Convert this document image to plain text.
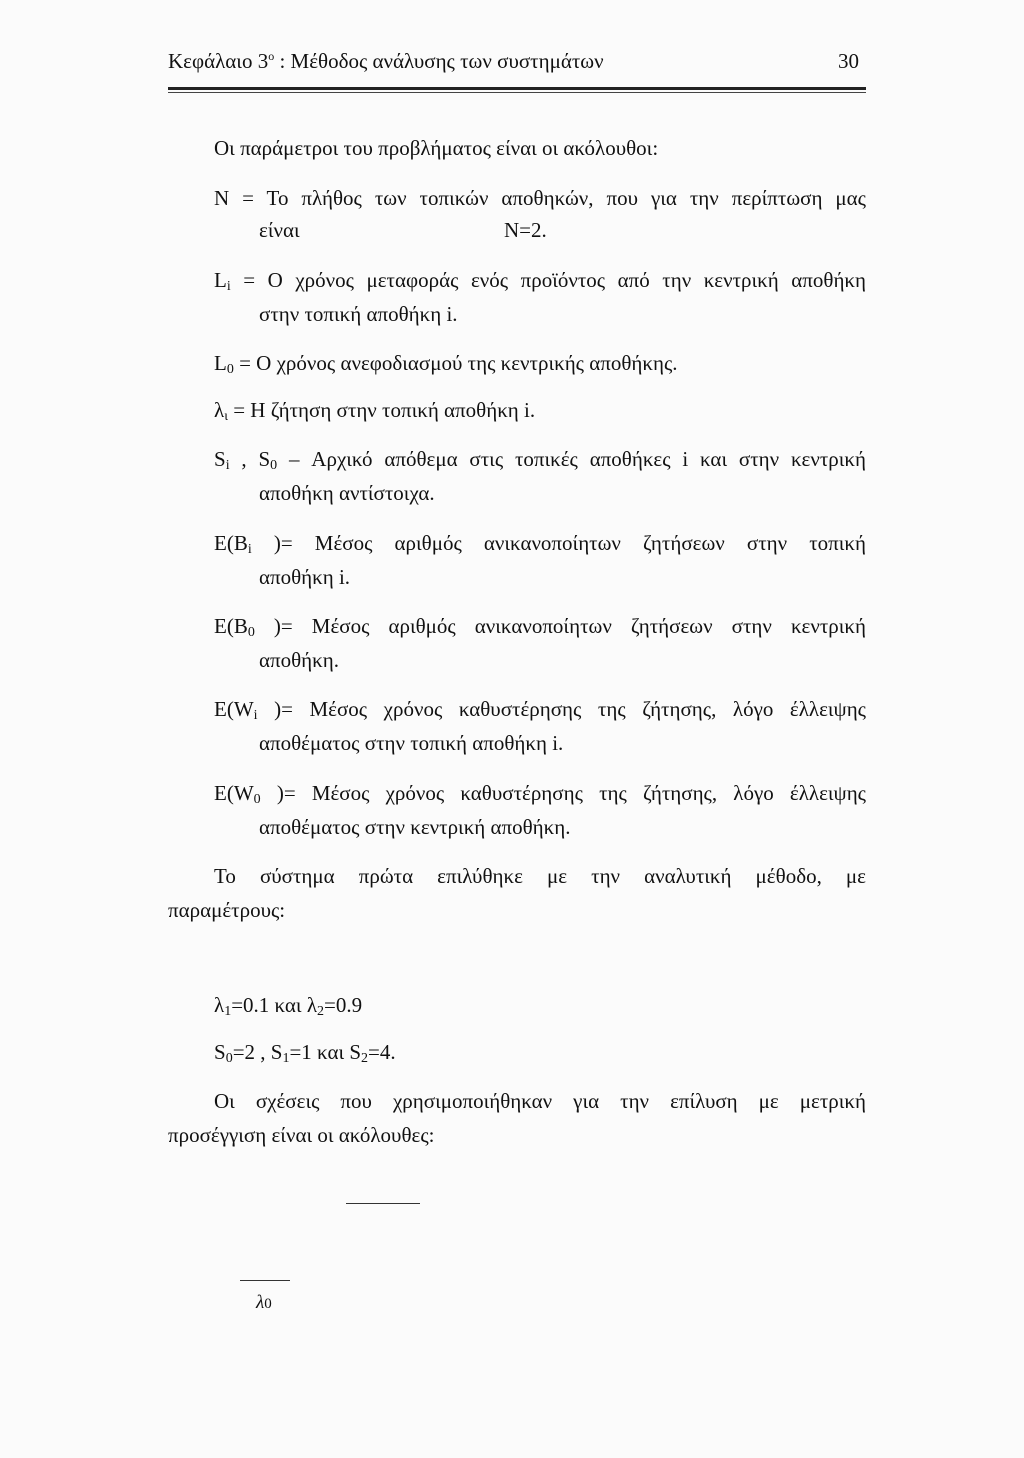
Κεφάλαιο $3^o$ : Μέθοδος ανάλυσης των συστημάτων	30
Οι παράμετροι του προβλήματος είναι οι ακόλουθοι:
Ν = Το πλήθος των τοπικών αποθηκών, που για την περίπτωση μας
είναι	Ν=2.
$L_i = O$ χρόνος μεταφοράς ενός προϊόντος από την κεντρική αποθήκη
στην τοπική αποθήκη i.
$L_0 = O$ χρόνος ανεφοδιασμού της κεντρικής αποθήκης.
$\lambda_\iota = H$ ζήτηση στην τοπική αποθήκη i.
$S_i$ , $S_0$ – Αρχικό απόθεμα στις τοπικές αποθήκες i και στην κεντρική
αποθήκη αντίστοιχα.
$E(B_i$ )= Μέσος αριθμός ανικανοποίητων ζητήσεων στην τοπική
αποθήκη i.
$E(B_0$ )= Μέσος αριθμός ανικανοποίητων ζητήσεων στην κεντρική
αποθήκη.
$E(W_i$ )= Μέσος χρόνος καθυστέρησης της ζήτησης, λόγο έλλειψης
αποθέματος στην τοπική αποθήκη i.
$E(W_0$ )= Μέσος χρόνος καθυστέρησης της ζήτησης, λόγο έλλειψης
αποθέματος στην κεντρική αποθήκη.
Το σύστημα πρώτα επιλύθηκε με την αναλυτική μέθοδο, με
παραμέτρους:
$\lambda_1=0.1$ και $\lambda_2=0.9$
$S_0=2$ , $S_1=1$ και $S_2=4$.
Οι σχέσεις που χρησιμοποιήθηκαν για την επίλυση με μετρική
προσέγγιση είναι οι ακόλουθες:
λ0
